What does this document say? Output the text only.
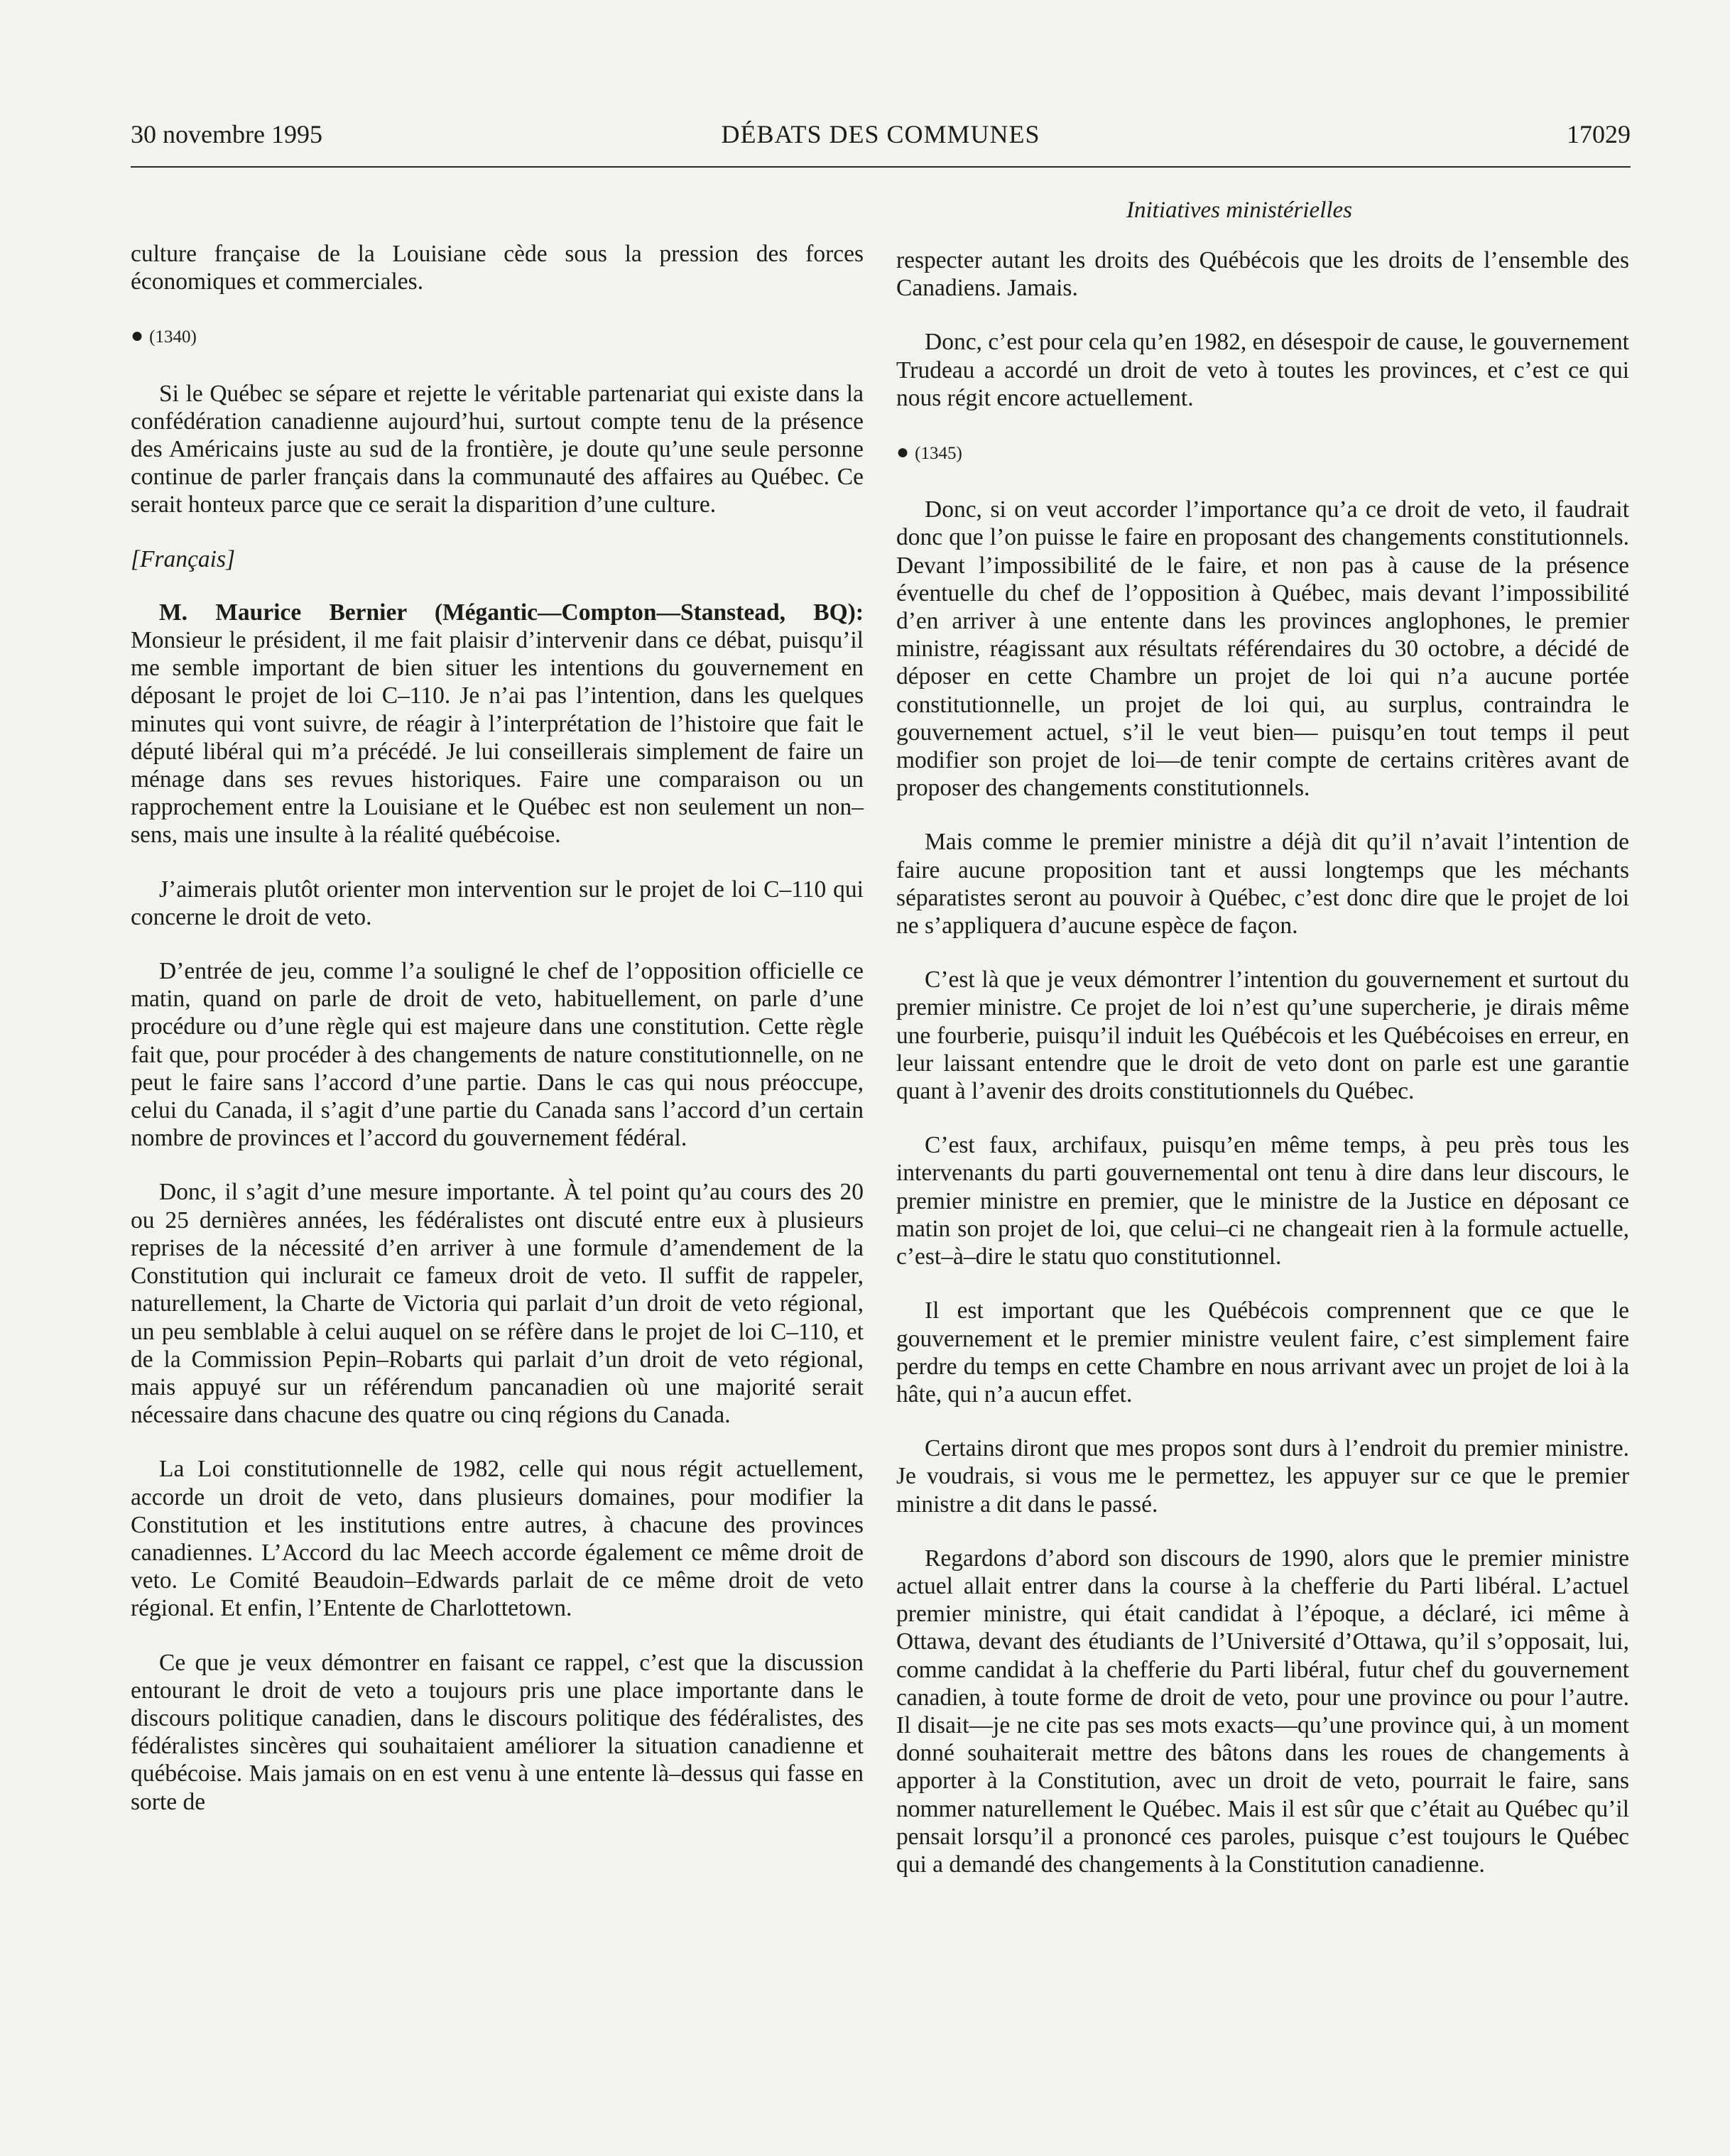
30 novembre 1995	DÉBATS DES COMMUNES	17029
Initiatives ministérielles

culture française de la Louisiane cède sous la pression des forces économiques et commerciales.

● (1340)

Si le Québec se sépare et rejette le véritable partenariat qui existe dans la confédération canadienne aujourd’hui, surtout compte tenu de la présence des Américains juste au sud de la frontière, je doute qu’une seule personne continue de parler français dans la communauté des affaires au Québec. Ce serait honteux parce que ce serait la disparition d’une culture.

[Français]

M. Maurice Bernier (Mégantic—Compton—Stanstead, BQ): Monsieur le président, il me fait plaisir d’intervenir dans ce débat, puisqu’il me semble important de bien situer les intentions du gouvernement en déposant le projet de loi C–110. Je n’ai pas l’intention, dans les quelques minutes qui vont suivre, de réagir à l’interprétation de l’histoire que fait le député libéral qui m’a précédé. Je lui conseillerais simplement de faire un ménage dans ses revues historiques. Faire une comparaison ou un rapprochement entre la Louisiane et le Québec est non seulement un non–sens, mais une insulte à la réalité québécoise.

J’aimerais plutôt orienter mon intervention sur le projet de loi C–110 qui concerne le droit de veto.

D’entrée de jeu, comme l’a souligné le chef de l’opposition officielle ce matin, quand on parle de droit de veto, habituellement, on parle d’une procédure ou d’une règle qui est majeure dans une constitution. Cette règle fait que, pour procéder à des changements de nature constitutionnelle, on ne peut le faire sans l’accord d’une partie. Dans le cas qui nous préoccupe, celui du Canada, il s’agit d’une partie du Canada sans l’accord d’un certain nombre de provinces et l’accord du gouvernement fédéral.

Donc, il s’agit d’une mesure importante. À tel point qu’au cours des 20 ou 25 dernières années, les fédéralistes ont discuté entre eux à plusieurs reprises de la nécessité d’en arriver à une formule d’amendement de la Constitution qui inclurait ce fameux droit de veto. Il suffit de rappeler, naturellement, la Charte de Victoria qui parlait d’un droit de veto régional, un peu semblable à celui auquel on se réfère dans le projet de loi C–110, et de la Commission Pepin–Robarts qui parlait d’un droit de veto régional, mais appuyé sur un référendum pancanadien où une majorité serait nécessaire dans chacune des quatre ou cinq régions du Canada.

La Loi constitutionnelle de 1982, celle qui nous régit actuellement, accorde un droit de veto, dans plusieurs domaines, pour modifier la Constitution et les institutions entre autres, à chacune des provinces canadiennes. L’Accord du lac Meech accorde également ce même droit de veto. Le Comité Beaudoin–Edwards parlait de ce même droit de veto régional. Et enfin, l’Entente de Charlottetown.

Ce que je veux démontrer en faisant ce rappel, c’est que la discussion entourant le droit de veto a toujours pris une place importante dans le discours politique canadien, dans le discours politique des fédéralistes, des fédéralistes sincères qui souhaitaient améliorer la situation canadienne et québécoise. Mais jamais on en est venu à une entente là–dessus qui fasse en sorte de

respecter autant les droits des Québécois que les droits de l’ensemble des Canadiens. Jamais.

Donc, c’est pour cela qu’en 1982, en désespoir de cause, le gouvernement Trudeau a accordé un droit de veto à toutes les provinces, et c’est ce qui nous régit encore actuellement.

● (1345)

Donc, si on veut accorder l’importance qu’a ce droit de veto, il faudrait donc que l’on puisse le faire en proposant des changements constitutionnels. Devant l’impossibilité de le faire, et non pas à cause de la présence éventuelle du chef de l’opposition à Québec, mais devant l’impossibilité d’en arriver à une entente dans les provinces anglophones, le premier ministre, réagissant aux résultats référendaires du 30 octobre, a décidé de déposer en cette Chambre un projet de loi qui n’a aucune portée constitutionnelle, un projet de loi qui, au surplus, contraindra le gouvernement actuel, s’il le veut bien— puisqu’en tout temps il peut modifier son projet de loi—de tenir compte de certains critères avant de proposer des changements constitutionnels.

Mais comme le premier ministre a déjà dit qu’il n’avait l’intention de faire aucune proposition tant et aussi longtemps que les méchants séparatistes seront au pouvoir à Québec, c’est donc dire que le projet de loi ne s’appliquera d’aucune espèce de façon.

C’est là que je veux démontrer l’intention du gouvernement et surtout du premier ministre. Ce projet de loi n’est qu’une supercherie, je dirais même une fourberie, puisqu’il induit les Québécois et les Québécoises en erreur, en leur laissant entendre que le droit de veto dont on parle est une garantie quant à l’avenir des droits constitutionnels du Québec.

C’est faux, archifaux, puisqu’en même temps, à peu près tous les intervenants du parti gouvernemental ont tenu à dire dans leur discours, le premier ministre en premier, que le ministre de la Justice en déposant ce matin son projet de loi, que celui–ci ne changeait rien à la formule actuelle, c’est–à–dire le statu quo constitutionnel.

Il est important que les Québécois comprennent que ce que le gouvernement et le premier ministre veulent faire, c’est simplement faire perdre du temps en cette Chambre en nous arrivant avec un projet de loi à la hâte, qui n’a aucun effet.

Certains diront que mes propos sont durs à l’endroit du premier ministre. Je voudrais, si vous me le permettez, les appuyer sur ce que le premier ministre a dit dans le passé.

Regardons d’abord son discours de 1990, alors que le premier ministre actuel allait entrer dans la course à la chefferie du Parti libéral. L’actuel premier ministre, qui était candidat à l’époque, a déclaré, ici même à Ottawa, devant des étudiants de l’Université d’Ottawa, qu’il s’opposait, lui, comme candidat à la chefferie du Parti libéral, futur chef du gouvernement canadien, à toute forme de droit de veto, pour une province ou pour l’autre. Il disait—je ne cite pas ses mots exacts—qu’une province qui, à un moment donné souhaiterait mettre des bâtons dans les roues de changements à apporter à la Constitution, avec un droit de veto, pourrait le faire, sans nommer naturellement le Québec. Mais il est sûr que c’était au Québec qu’il pensait lorsqu’il a prononcé ces paroles, puisque c’est toujours le Québec qui a demandé des changements à la Constitution canadienne.
